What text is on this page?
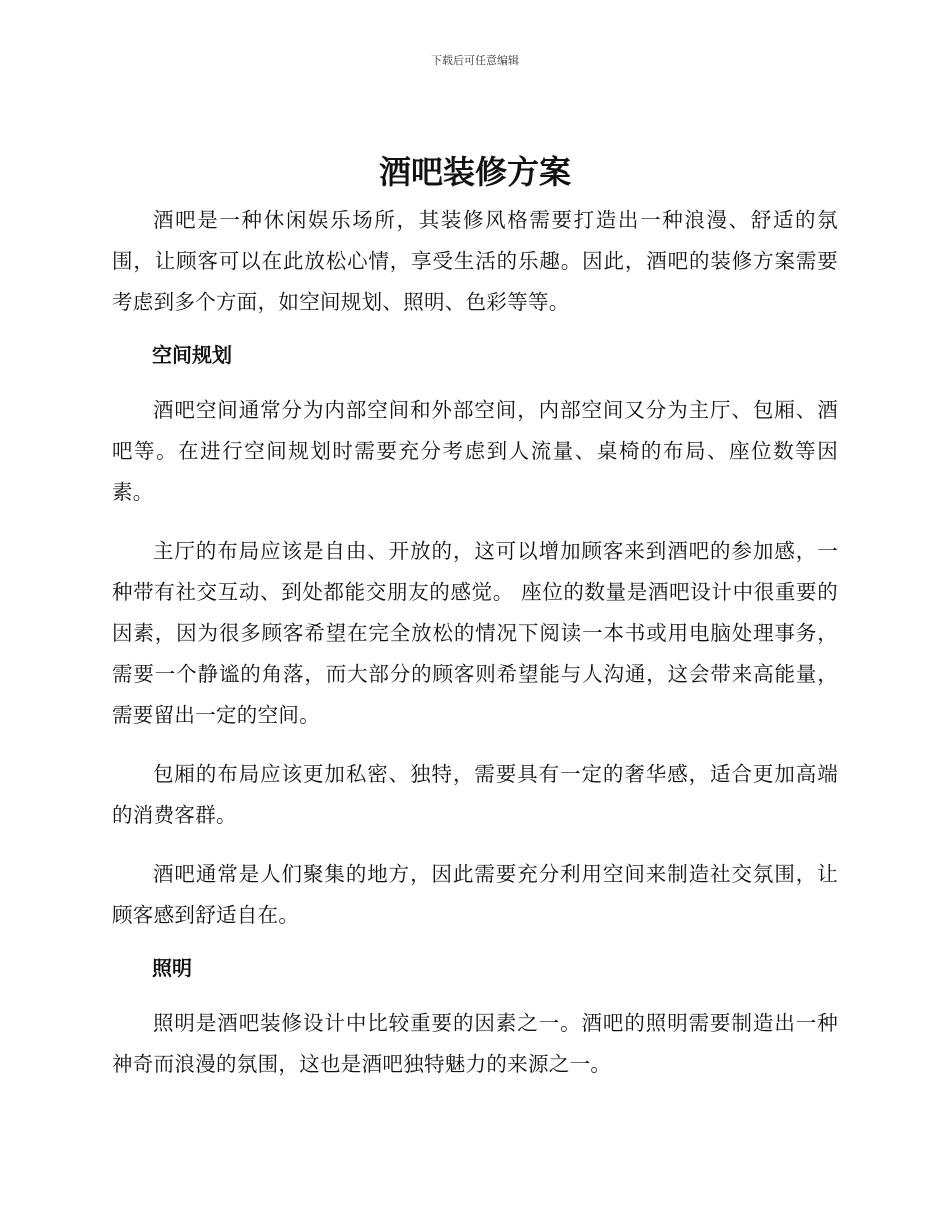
下载后可任意编辑
酒吧装修方案

酒吧是一种休闲娱乐场所，其装修风格需要打造出一种浪漫、舒适的氛围，让顾客可以在此放松心情，享受生活的乐趣。因此，酒吧的装修方案需要考虑到多个方面，如空间规划、照明、色彩等等。

空间规划

酒吧空间通常分为内部空间和外部空间，内部空间又分为主厅、包厢、酒吧等。在进行空间规划时需要充分考虑到人流量、桌椅的布局、座位数等因素。

主厅的布局应该是自由、开放的，这可以增加顾客来到酒吧的参加感，一种带有社交互动、到处都能交朋友的感觉。 座位的数量是酒吧设计中很重要的因素，因为很多顾客希望在完全放松的情况下阅读一本书或用电脑处理事务，需要一个静谧的角落，而大部分的顾客则希望能与人沟通，这会带来高能量，需要留出一定的空间。

包厢的布局应该更加私密、独特，需要具有一定的奢华感，适合更加高端的消费客群。

酒吧通常是人们聚集的地方，因此需要充分利用空间来制造社交氛围，让顾客感到舒适自在。

照明

照明是酒吧装修设计中比较重要的因素之一。酒吧的照明需要制造出一种神奇而浪漫的氛围，这也是酒吧独特魅力的来源之一。
